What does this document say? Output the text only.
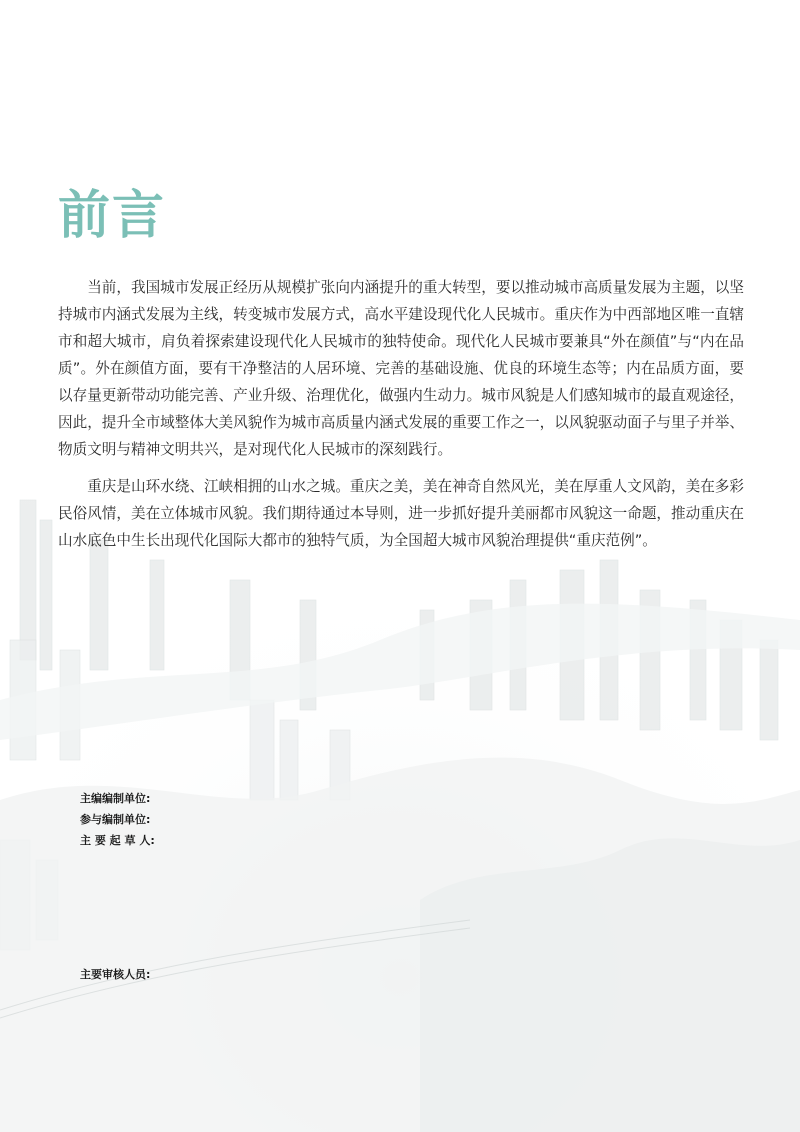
前言

当前，我国城市发展正经历从规模扩张向内涵提升的重大转型，要以推动城市高质量发展为主题，以坚持城市内涵式发展为主线，转变城市发展方式，高水平建设现代化人民城市。重庆作为中西部地区唯一直辖市和超大城市，肩负着探索建设现代化人民城市的独特使命。现代化人民城市要兼具“外在颜值”与“内在品质”。外在颜值方面，要有干净整洁的人居环境、完善的基础设施、优良的环境生态等；内在品质方面，要以存量更新带动功能完善、产业升级、治理优化，做强内生动力。城市风貌是人们感知城市的最直观途径，因此，提升全市域整体大美风貌作为城市高质量内涵式发展的重要工作之一，以风貌驱动面子与里子并举、物质文明与精神文明共兴，是对现代化人民城市的深刻践行。

重庆是山环水绕、江峡相拥的山水之城。重庆之美，美在神奇自然风光，美在厚重人文风韵，美在多彩民俗风情，美在立体城市风貌。我们期待通过本导则，进一步抓好提升美丽都市风貌这一命题，推动重庆在山水底色中生长出现代化国际大都市的独特气质，为全国超大城市风貌治理提供“重庆范例”。

主编编制单位:
参与编制单位:
主 要 起 草 人:
主要审核人员:
